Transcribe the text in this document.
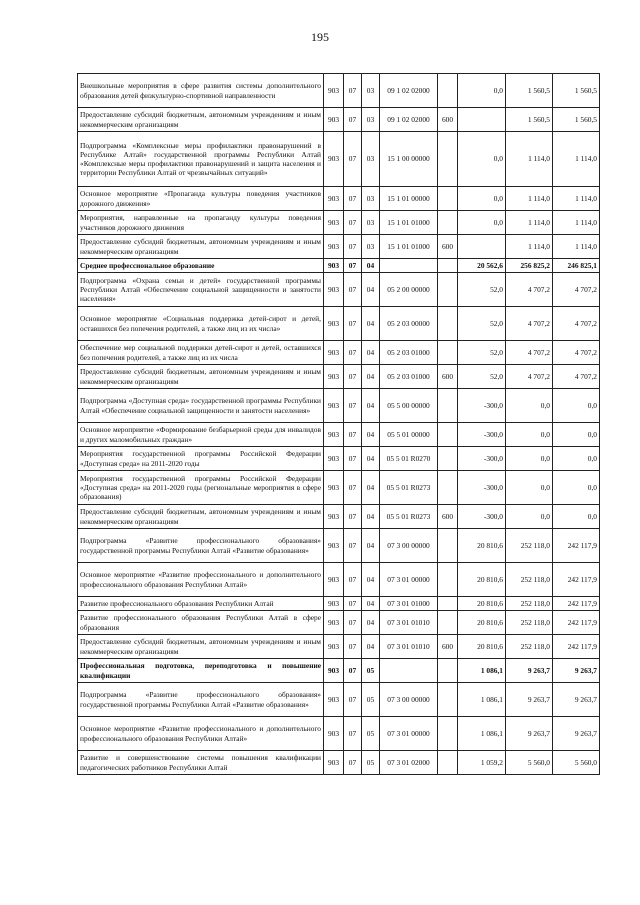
195
Внешкольные мероприятия в сфере развития системы дополнительного образования детей физкультурно-спортивной направленности	903	07	03	09 1 02 02000		0,0	1 560,5	1 560,5
Предоставление субсидий бюджетным, автономным учреждениям и иным некоммерческим организациям	903	07	03	09 1 02 02000	600		1 560,5	1 560,5
Подпрограмма «Комплексные меры профилактики правонарушений в Республике Алтай» государственной программы Республики Алтай «Комплексные меры профилактики правонарушений и защита населения и территории Республики Алтай от чрезвычайных ситуаций»	903	07	03	15 1 00 00000		0,0	1 114,0	1 114,0
Основное мероприятие «Пропаганда культуры поведения участников дорожного движения»	903	07	03	15 1 01 00000		0,0	1 114,0	1 114,0
Мероприятия, направленные на пропаганду культуры поведения участников дорожного движения	903	07	03	15 1 01 01000		0,0	1 114,0	1 114,0
Предоставление субсидий бюджетным, автономным учреждениям и иным некоммерческим организациям	903	07	03	15 1 01 01000	600		1 114,0	1 114,0
Среднее профессиональное образование	903	07	04			20 562,6	256 825,2	246 825,1
Подпрограмма «Охрана семьи и детей» государственной программы Республики Алтай «Обеспечение социальной защищенности и занятости населения»	903	07	04	05 2 00 00000		52,0	4 707,2	4 707,2
Основное мероприятие «Социальная поддержка детей-сирот и детей, оставшихся без попечения родителей, а также лиц из их числа»	903	07	04	05 2 03 00000		52,0	4 707,2	4 707,2
Обеспечение мер социальной поддержки детей-сирот и детей, оставшихся без попечения родителей, а также лиц из их числа	903	07	04	05 2 03 01000		52,0	4 707,2	4 707,2
Предоставление субсидий бюджетным, автономным учреждениям и иным некоммерческим организациям	903	07	04	05 2 03 01000	600	52,0	4 707,2	4 707,2
Подпрограмма «Доступная среда» государственной программы Республики Алтай «Обеспечение социальной защищенности и занятости населения»	903	07	04	05 5 00 00000		-300,0	0,0	0,0
Основное мероприятие «Формирование безбарьерной среды для инвалидов и других маломобильных граждан»	903	07	04	05 5 01 00000		-300,0	0,0	0,0
Мероприятия государственной программы Российской Федерации «Доступная среда» на 2011-2020 годы	903	07	04	05 5 01 R0270		-300,0	0,0	0,0
Мероприятия государственной программы Российской Федерации «Доступная среда» на 2011-2020 годы (региональные мероприятия в сфере образования)	903	07	04	05 5 01 R0273		-300,0	0,0	0,0
Предоставление субсидий бюджетным, автономным учреждениям и иным некоммерческим организациям	903	07	04	05 5 01 R0273	600	-300,0	0,0	0,0
Подпрограмма «Развитие профессионального образования» государственной программы Республики Алтай «Развитие образования»	903	07	04	07 3 00 00000		20 810,6	252 118,0	242 117,9
Основное мероприятие «Развитие профессионального и дополнительного профессионального образования Республики Алтай»	903	07	04	07 3 01 00000		20 810,6	252 118,0	242 117,9
Развитие профессионального образования Республики Алтай	903	07	04	07 3 01 01000		20 810,6	252 118,0	242 117,9
Развитие профессионального образования Республики Алтай в сфере образования	903	07	04	07 3 01 01010		20 810,6	252 118,0	242 117,9
Предоставление субсидий бюджетным, автономным учреждениям и иным некоммерческим организациям	903	07	04	07 3 01 01010	600	20 810,6	252 118,0	242 117,9
Профессиональная подготовка, переподготовка и повышение квалификации	903	07	05			1 086,1	9 263,7	9 263,7
Подпрограмма «Развитие профессионального образования» государственной программы Республики Алтай «Развитие образования»	903	07	05	07 3 00 00000		1 086,1	9 263,7	9 263,7
Основное мероприятие «Развитие профессионального и дополнительного профессионального образования Республики Алтай»	903	07	05	07 3 01 00000		1 086,1	9 263,7	9 263,7
Развитие и совершенствование системы повышения квалификации педагогических работников Республики Алтай	903	07	05	07 3 01 02000		1 059,2	5 560,0	5 560,0
